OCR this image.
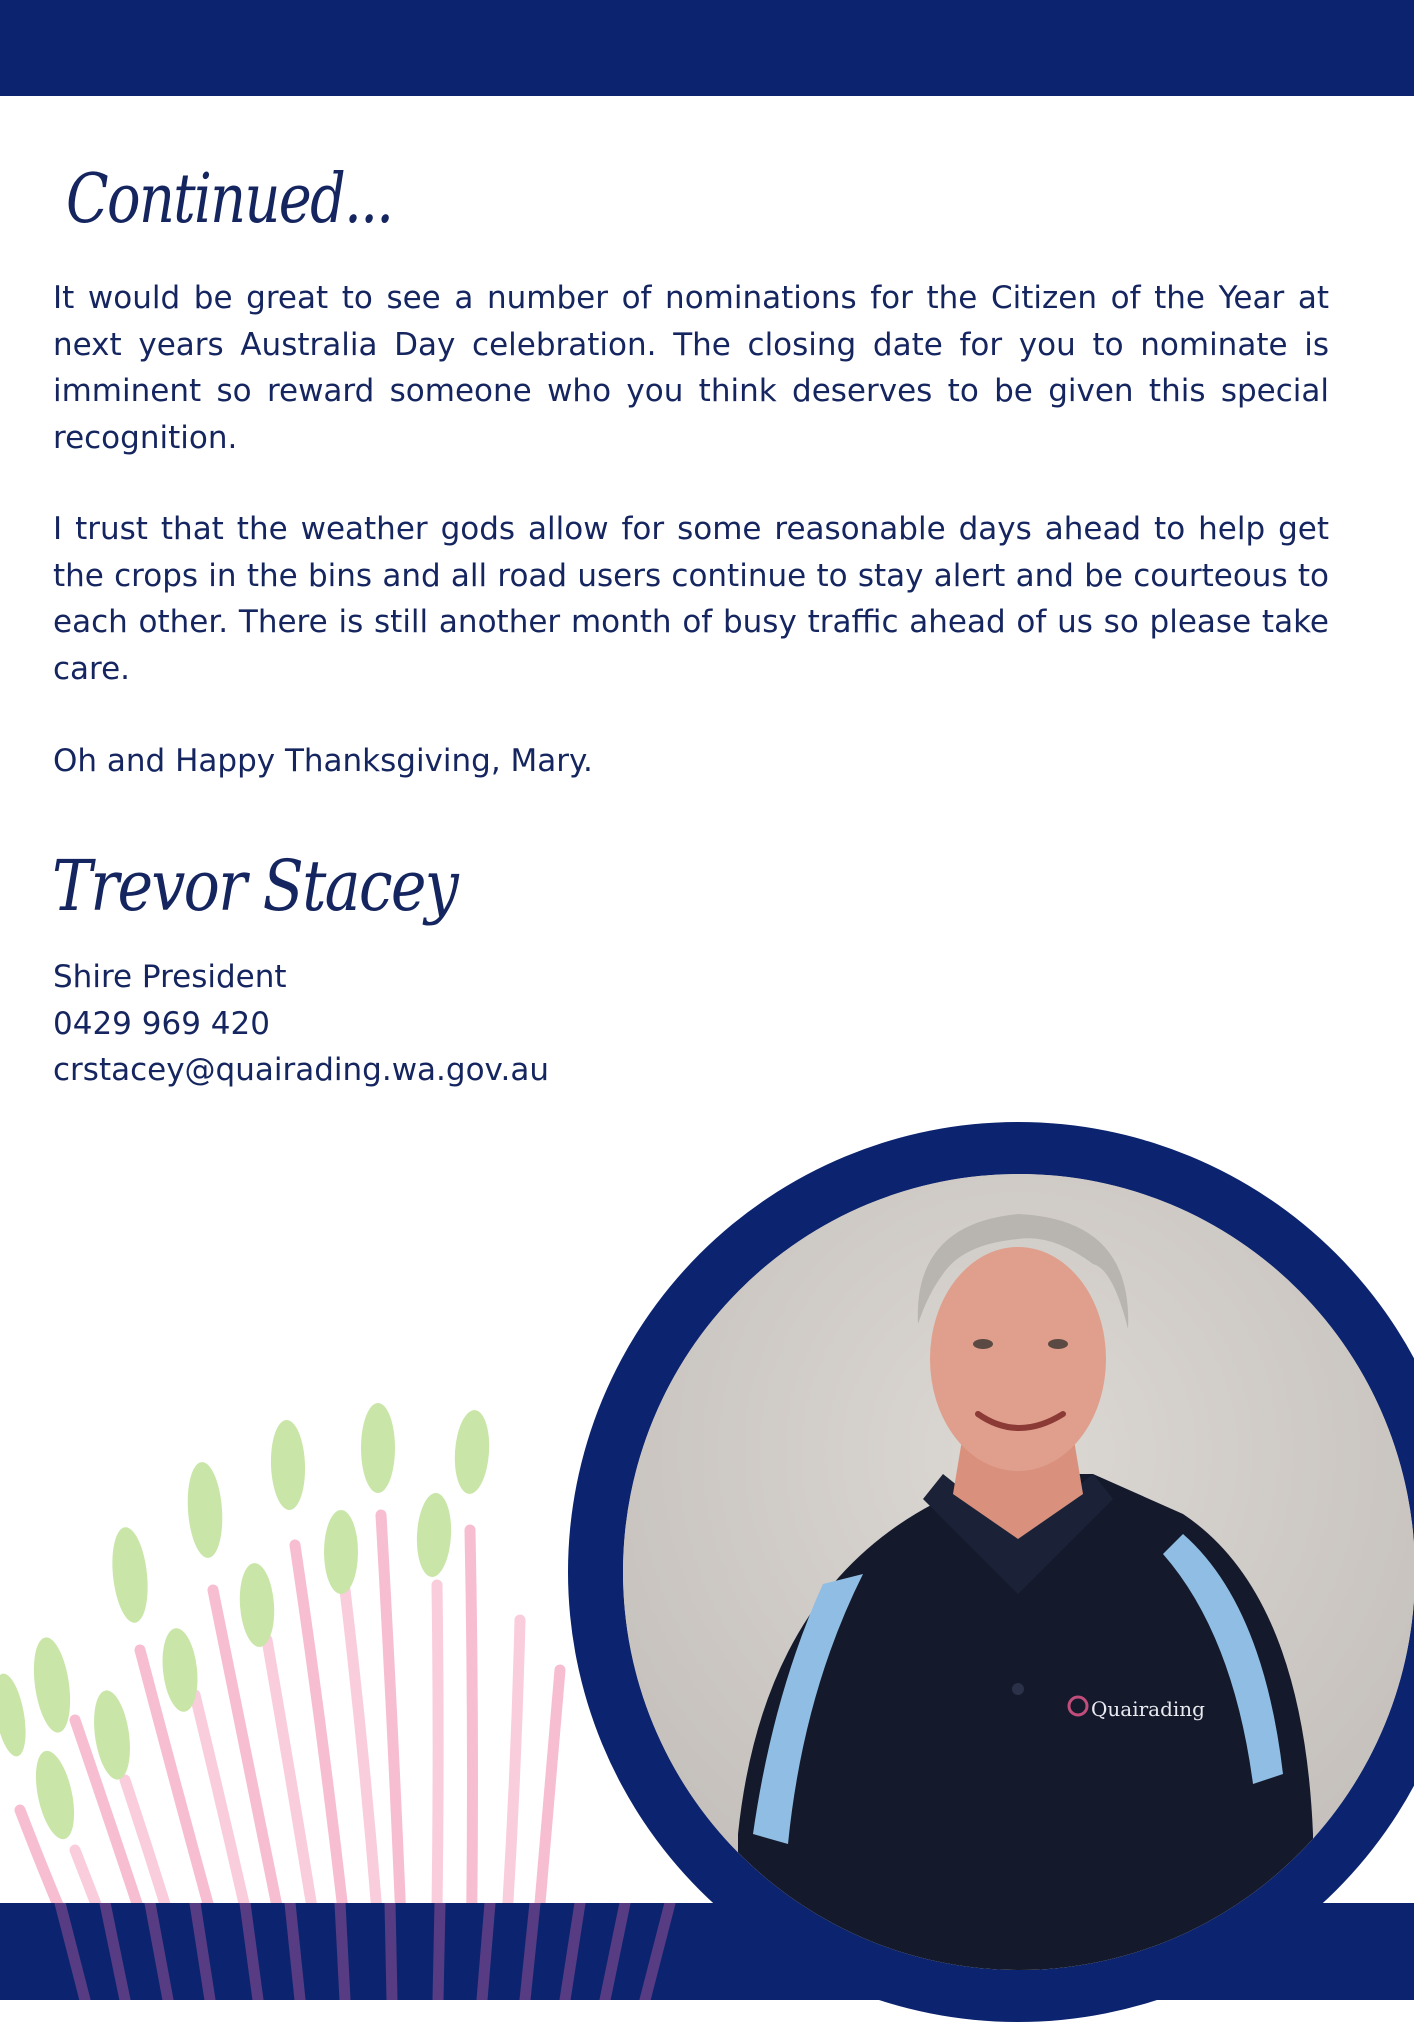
Continued...

It would be great to see a number of nominations for the Citizen of the Year at next years Australia Day celebration. The closing date for you to nominate is imminent so reward someone who you think deserves to be given this special recognition.

I trust that the weather gods allow for some reasonable days ahead to help get the crops in the bins and all road users continue to stay alert and be courteous to each other. There is still another month of busy traffic ahead of us so please take care.

Oh and Happy Thanksgiving, Mary.

Trevor Stacey
Shire President
0429 969 420
crstacey@quairading.wa.gov.au
Quairading
